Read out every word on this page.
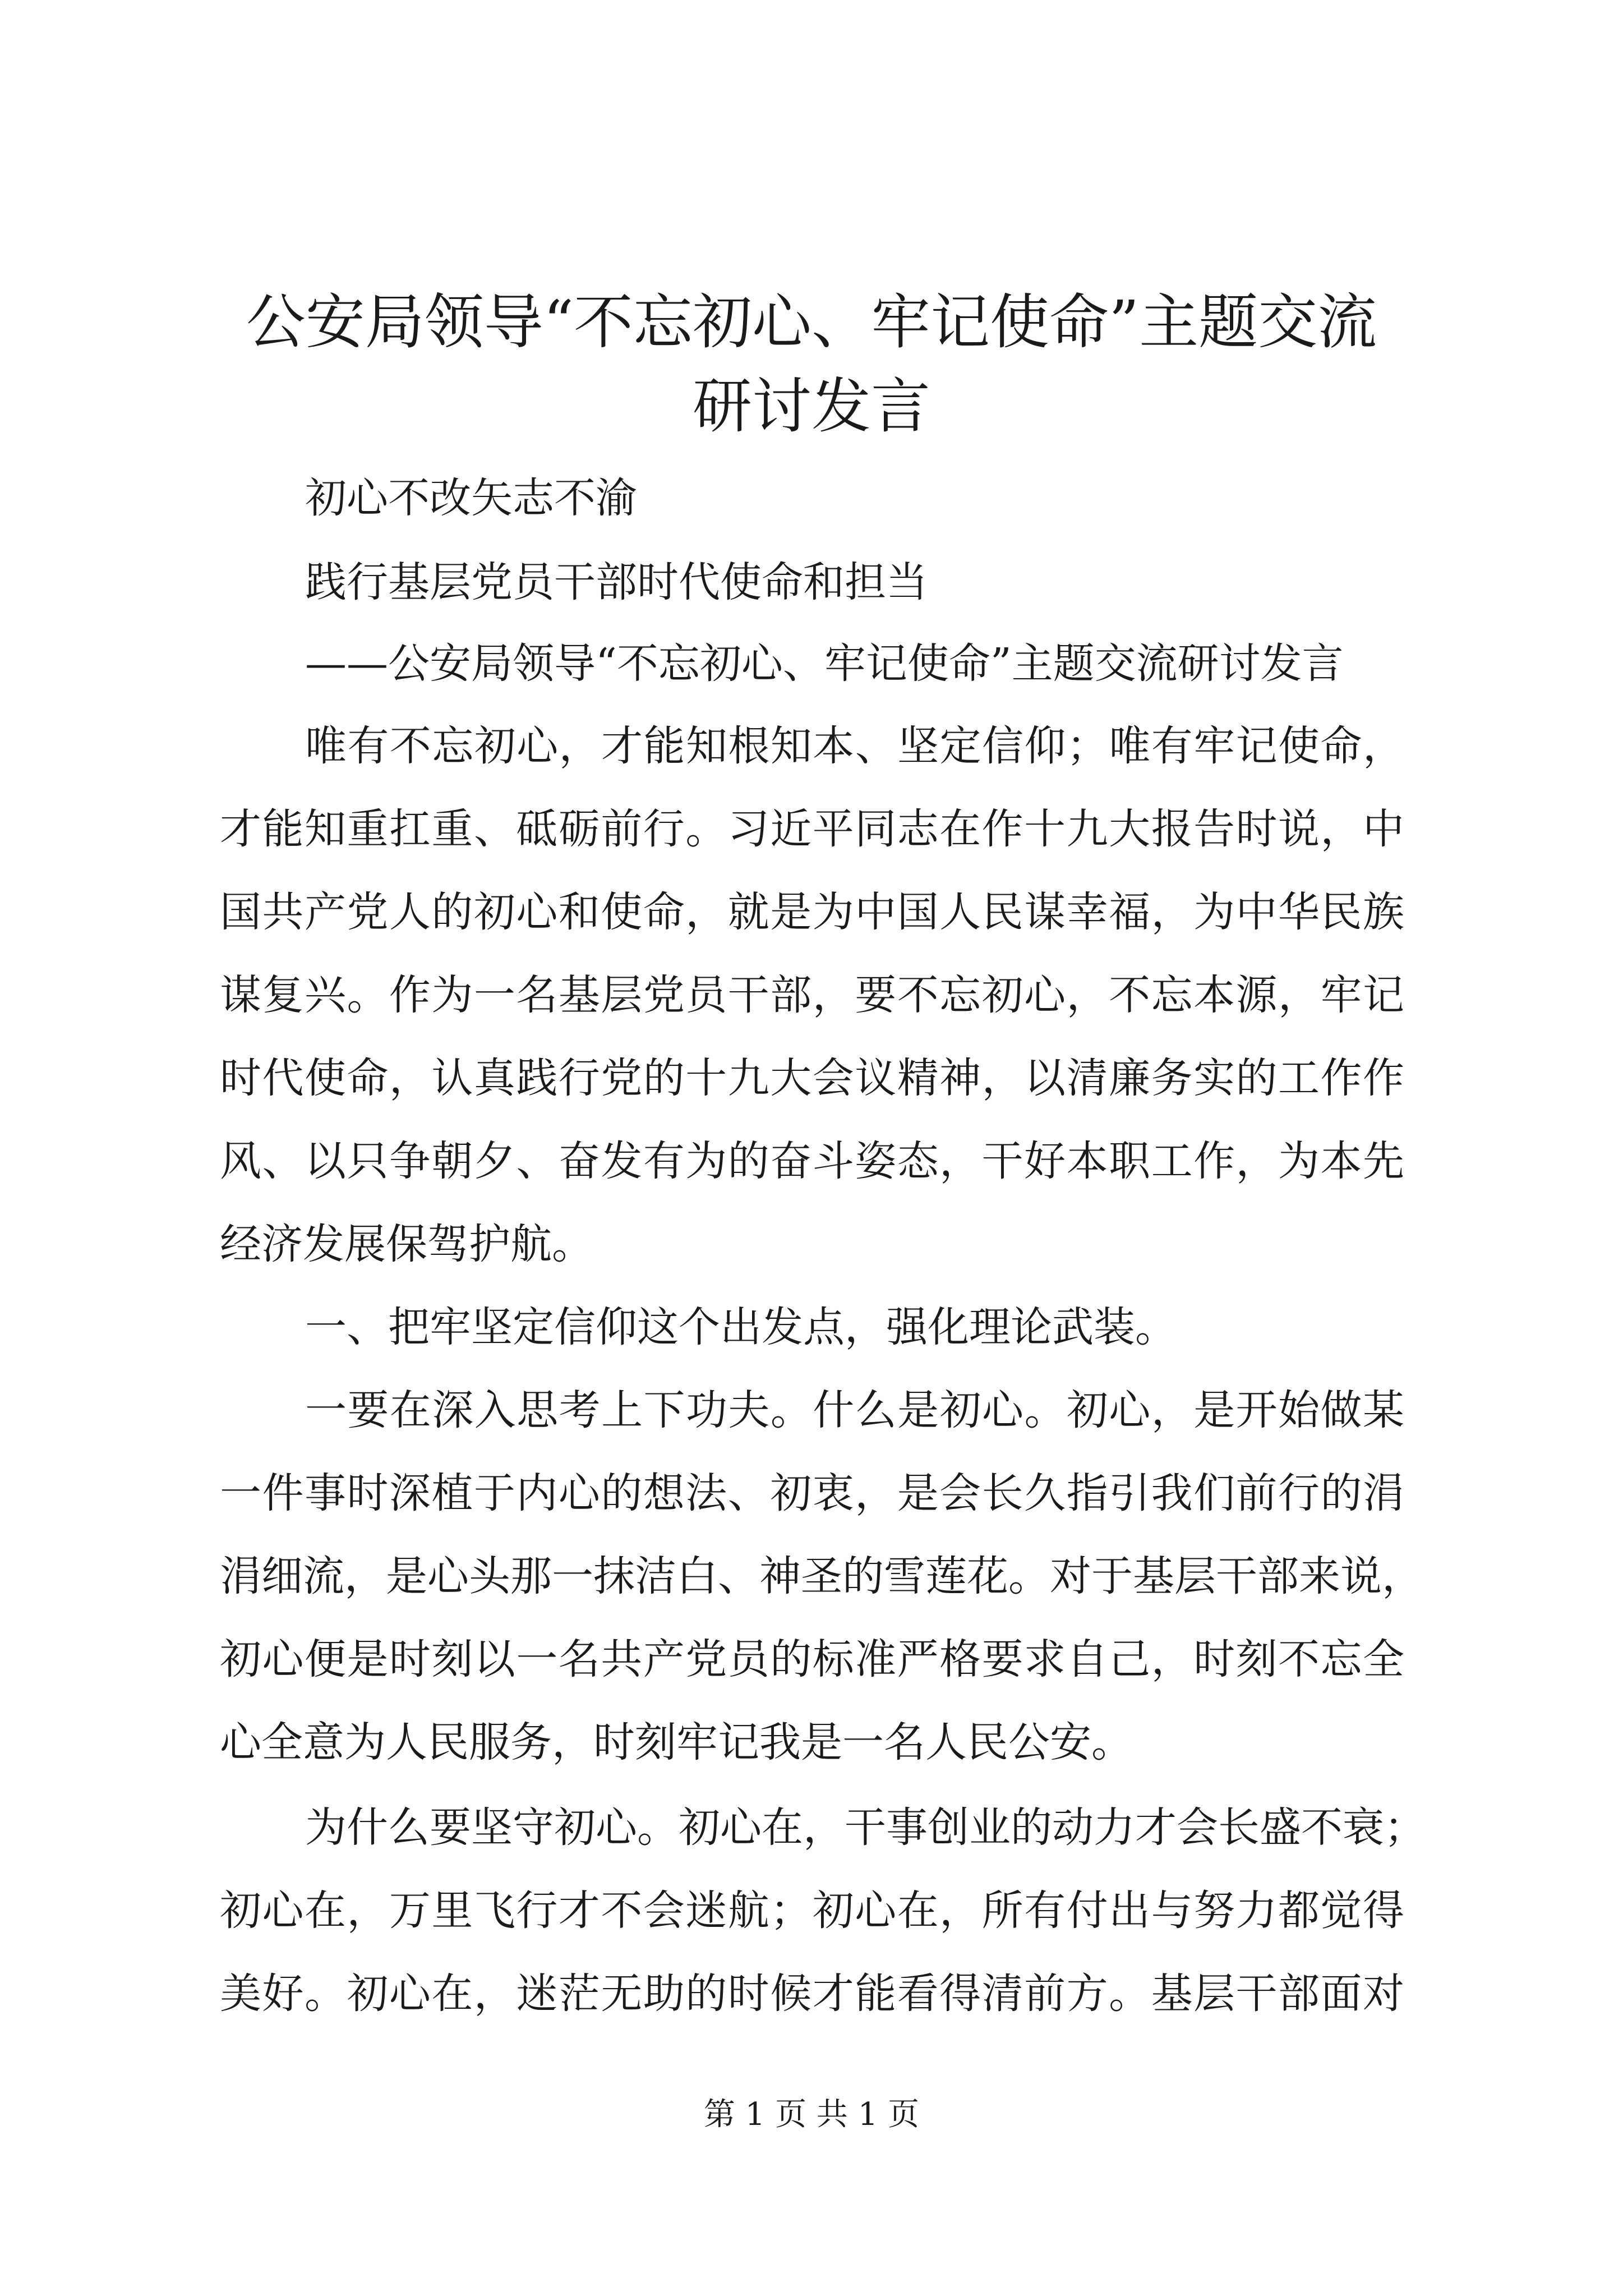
公安局领导“不忘初心、牢记使命”主题交流
研讨发言

初心不改矢志不渝

践行基层党员干部时代使命和担当

——公安局领导“不忘初心、牢记使命”主题交流研讨发言

唯有不忘初心，才能知根知本、坚定信仰；唯有牢记使命，

才能知重扛重、砥砺前行。习近平同志在作十九大报告时说，中

国共产党人的初心和使命，就是为中国人民谋幸福，为中华民族

谋复兴。作为一名基层党员干部，要不忘初心，不忘本源，牢记

时代使命，认真践行党的十九大会议精神，以清廉务实的工作作

风、以只争朝夕、奋发有为的奋斗姿态，干好本职工作，为本先

经济发展保驾护航。

一、把牢坚定信仰这个出发点，强化理论武装。

一要在深入思考上下功夫。什么是初心。初心，是开始做某

一件事时深植于内心的想法、初衷，是会长久指引我们前行的涓

涓细流，是心头那一抹洁白、神圣的雪莲花。对于基层干部来说，

初心便是时刻以一名共产党员的标准严格要求自己，时刻不忘全

心全意为人民服务，时刻牢记我是一名人民公安。

为什么要坚守初心。初心在，干事创业的动力才会长盛不衰；

初心在，万里飞行才不会迷航；初心在，所有付出与努力都觉得

美好。初心在，迷茫无助的时候才能看得清前方。基层干部面对

第 1 页 共 1 页
